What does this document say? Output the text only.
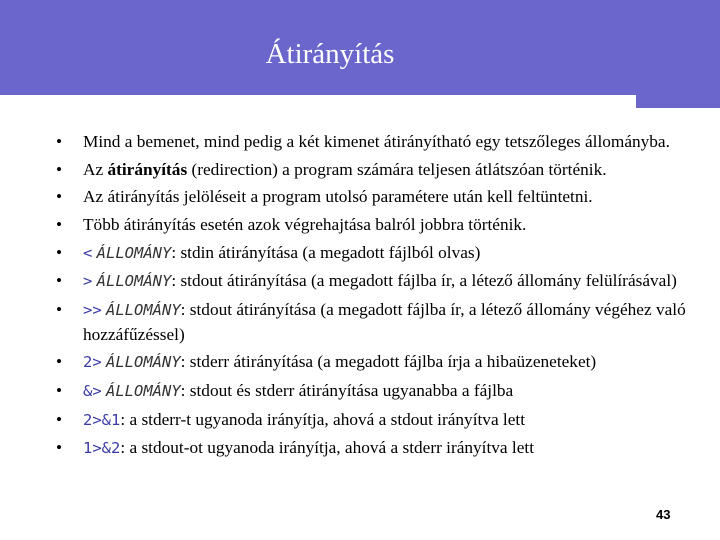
Átirányítás
• Mind a bemenet, mind pedig a két kimenet átirányítható egy tetszőleges állományba.
• Az átirányítás (redirection) a program számára teljesen átlátszóan történik.
• Az átirányítás jelöléseit a program utolsó paramétere után kell feltüntetni.
• Több átirányítás esetén azok végrehajtása balról jobbra történik.
• < ÁLLOMÁNY: stdin átirányítása (a megadott fájlból olvas)
• > ÁLLOMÁNY: stdout átirányítása (a megadott fájlba ír, a létező állomány felülírásával)
• >> ÁLLOMÁNY: stdout átirányítása (a megadott fájlba ír, a létező állomány végéhez való hozzáfűzéssel)
• 2> ÁLLOMÁNY: stderr átirányítása (a megadott fájlba írja a hibaüzeneteket)
• &> ÁLLOMÁNY: stdout és stderr átirányítása ugyanabba a fájlba
• 2>&1: a stderr-t ugyanoda irányítja, ahová a stdout irányítva lett
• 1>&2: a stdout-ot ugyanoda irányítja, ahová a stderr irányítva lett
43
